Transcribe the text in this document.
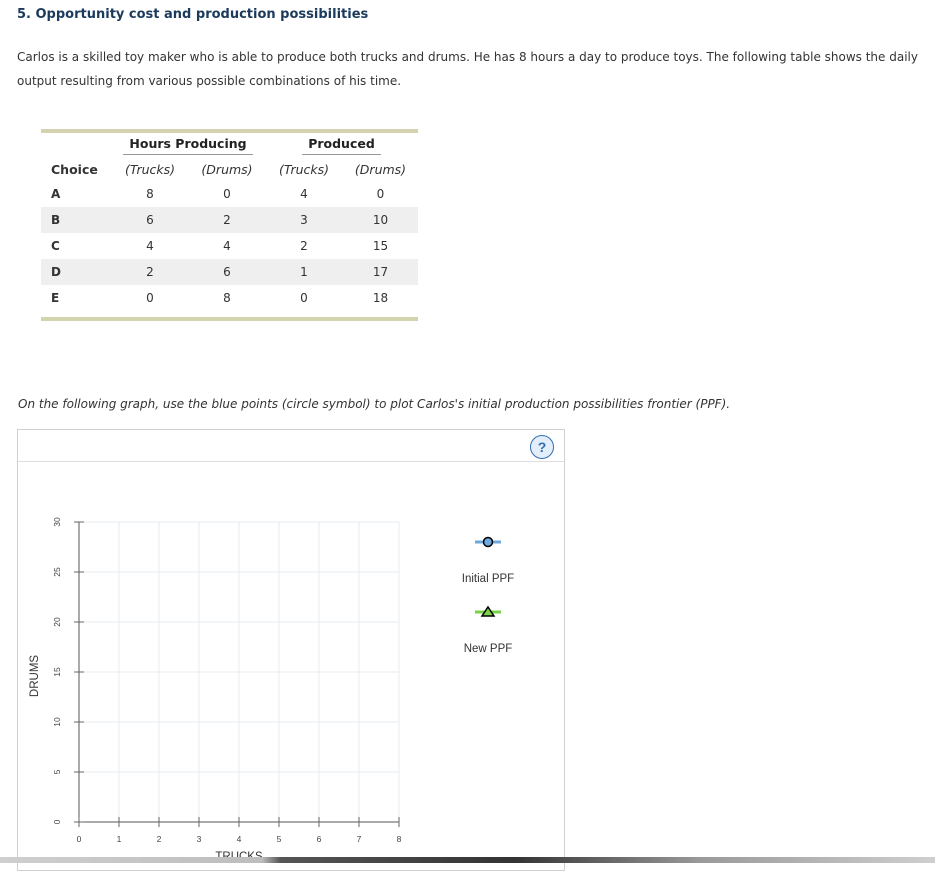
5. Opportunity cost and production possibilities
Carlos is a skilled toy maker who is able to produce both trucks and drums. He has 8 hours a day to produce toys. The following table shows the daily output resulting from various possible combinations of his time.
	Hours Producing		Produced	
Choice	(Trucks)	(Drums)	(Trucks)	(Drums)
A	8	0	4	0
B	6	2	3	10
C	4	4	2	15
D	2	6	1	17
E	0	8	0	18
On the following graph, use the blue points (circle symbol) to plot Carlos's initial production possibilities frontier (PPF).
?
0	1	2	3	4	5	6	7	8
0
5
10
15
20
25
30
DRUMS
Initial PPF
New PPF
